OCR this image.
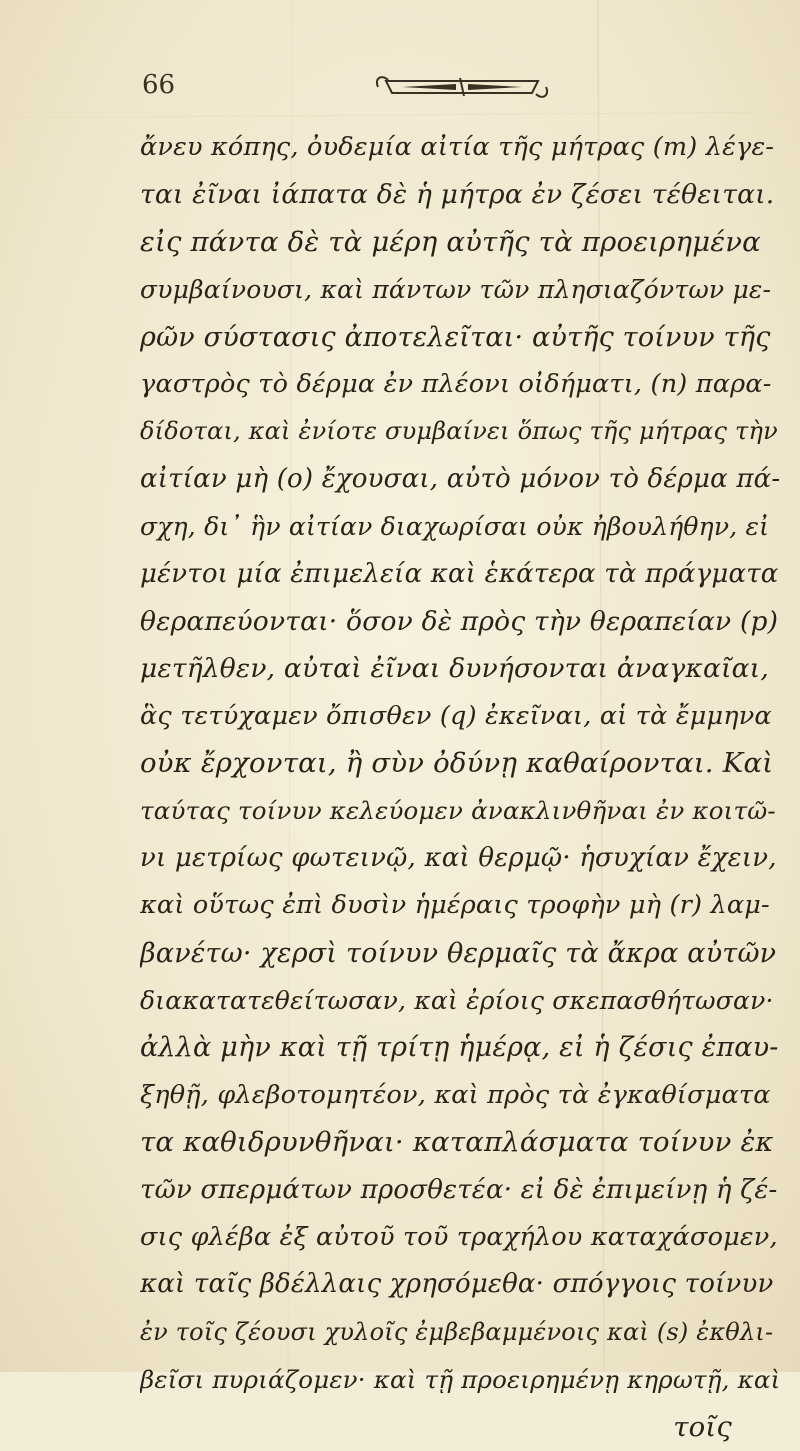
66
ἄνευ κόπης, ὀυδεμία αἰτία τῆς μήτρας (m) λέγε-
ται ἐῖναι ἰάπατα δὲ ἡ μήτρα ἐν ζέσει τέθειται.
εἰς πάντα δὲ τὰ μέρη αὐτῆς τὰ προειρημένα
συμβαίνουσι, καὶ πάντων τῶν πλησιαζόντων με-
ρῶν σύστασις ἀποτελεῖται· αὐτῆς τοίνυν τῆς
γαστρὸς τὸ δέρμα ἐν πλέονι οἰδήματι, (n) παρα-
δίδοται, καὶ ἐνίοτε συμβαίνει ὅπως τῆς μήτρας τὴν
αἰτίαν μὴ (o) ἔχουσαι, αὐτὸ μόνον τὸ δέρμα πά-
σχη, δι᾽ ἣν αἰτίαν διαχωρίσαι οὐκ ἠβουλήθην, εἰ
μέντοι μία ἐπιμελεία καὶ ἑκάτερα τὰ πράγματα
θεραπεύονται· ὅσον δὲ πρὸς τὴν θεραπείαν (p)
μετῆλθεν, αὐταὶ ἐῖναι δυνήσονται ἀναγκαῖαι,
ἃς τετύχαμεν ὄπισθεν (q) ἐκεῖναι, αἱ τὰ ἔμμηνα
οὐκ ἔρχονται, ἢ σὺν ὀδύνῃ καθαίρονται. Καὶ
ταύτας τοίνυν κελεύομεν ἀνακλινθῆναι ἐν κοιτῶ-
νι μετρίως φωτεινῷ, καὶ θερμῷ· ἡσυχίαν ἔχειν,
καὶ οὕτως ἐπὶ δυσὶν ἡμέραις τροφὴν μὴ (r) λαμ-
βανέτω· χερσὶ τοίνυν θερμαῖς τὰ ἄκρα αὐτῶν
διακατατεθείτωσαν, καὶ ἐρίοις σκεπασθήτωσαν·
ἀλλὰ μὴν καὶ τῇ τρίτῃ ἡμέρᾳ, εἰ ἡ ζέσις ἐπαυ-
ξηθῇ, φλεβοτομητέον, καὶ πρὸς τὰ ἐγκαθίσματα
τα καθιδρυνθῆναι· καταπλάσματα τοίνυν ἐκ
τῶν σπερμάτων προσθετέα· εἰ δὲ ἐπιμείνῃ ἡ ζέ-
σις φλέβα ἐξ αὐτοῦ τοῦ τραχήλου καταχάσομεν,
καὶ ταῖς βδέλλαις χρησόμεθα· σπόγγοις τοίνυν
ἐν τοῖς ζέουσι χυλοῖς ἐμβεβαμμένοις καὶ (s) ἐκθλι-
βεῖσι πυριάζομεν· καὶ τῇ προειρημένῃ κηρωτῇ, καὶ
τοῖς
